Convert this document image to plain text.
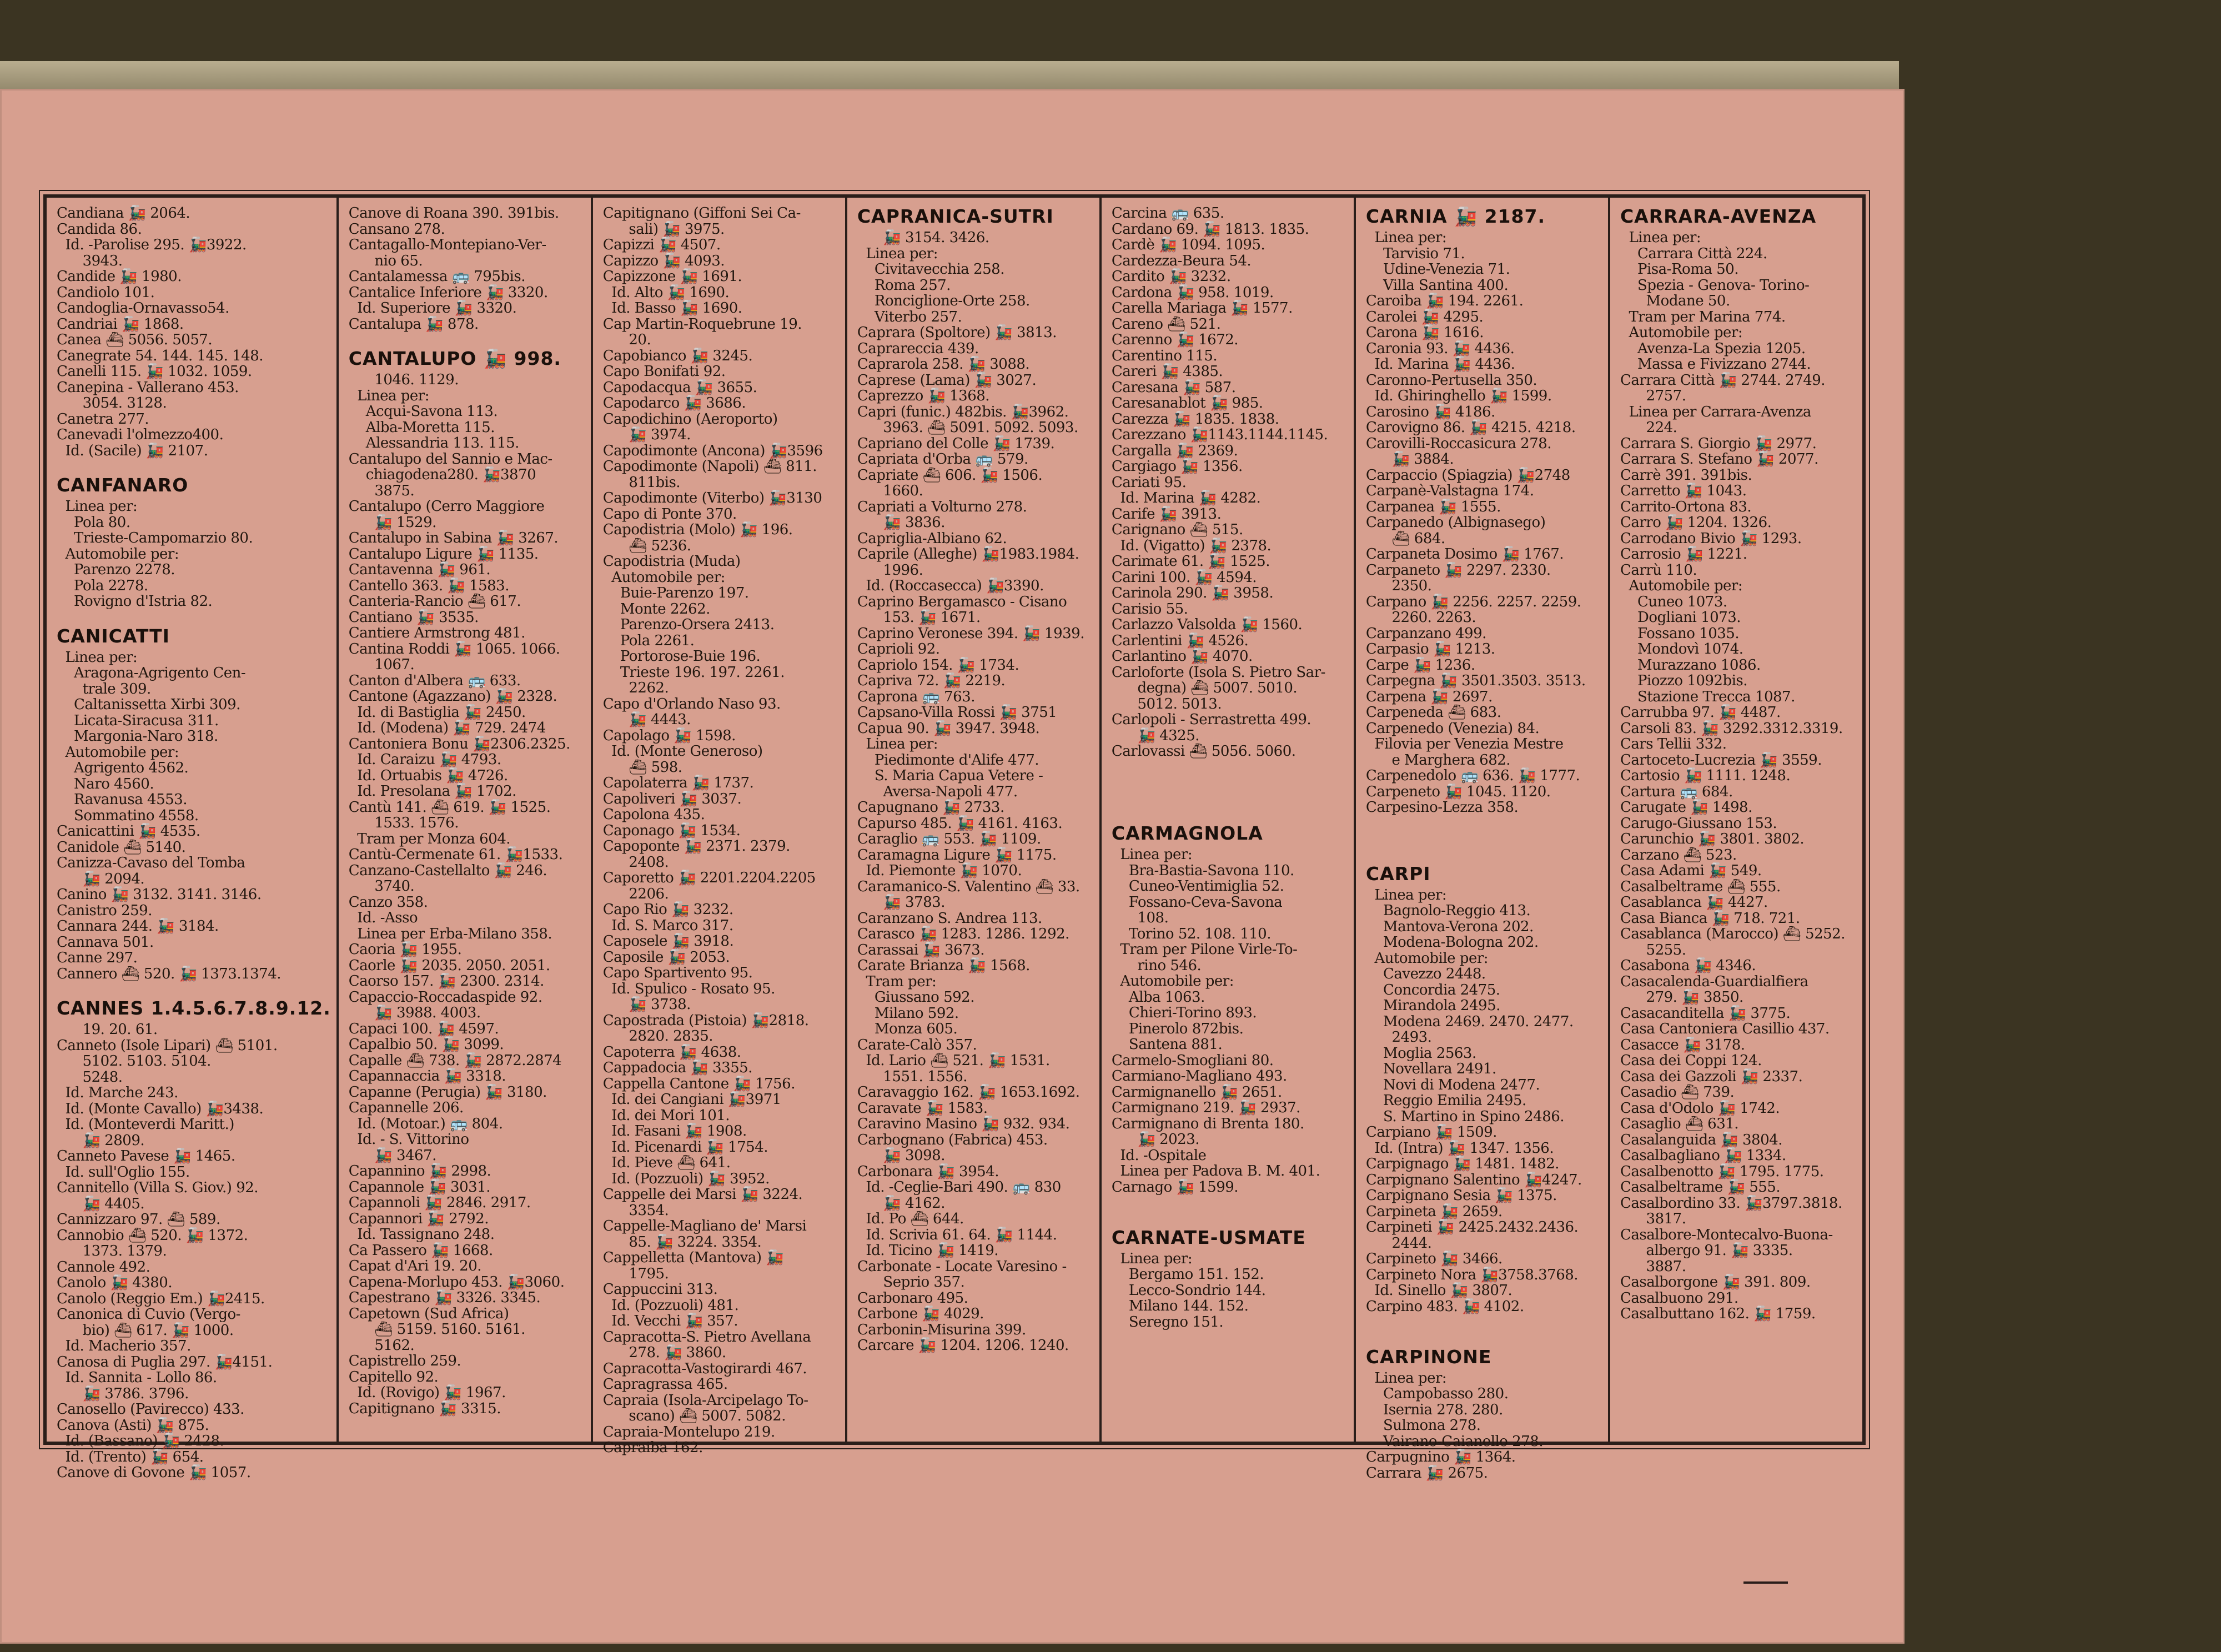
Candiana 🚂 2064.
Candida 86.
Id. -Parolise 295. 🚂3922.
3943.
Candide 🚂 1980.
Candiolo 101.
Candoglia-Ornavasso54.
Candriai 🚂 1868.
Canea ⛴ 5056. 5057.
Canegrate 54. 144. 145. 148.
Canelli 115. 🚂 1032. 1059.
Canepina - Vallerano 453.
3054. 3128.
Canetra 277.
Canevadi l'olmezzo400.
Id. (Sacile) 🚂 2107.
CANFANARO
Linea per:
Pola 80.
Trieste-Campomarzio 80.
Automobile per:
Parenzo 2278.
Pola 2278.
Rovigno d'Istria 82.
CANICATTI
Linea per:
Aragona-Agrigento Cen-
trale 309.
Caltanissetta Xirbi 309.
Licata-Siracusa 311.
Margonia-Naro 318.
Automobile per:
Agrigento 4562.
Naro 4560.
Ravanusa 4553.
Sommatino 4558.
Canicattini 🚂 4535.
Canidole ⛴ 5140.
Canizza-Cavaso del Tomba
🚂 2094.
Canino 🚂 3132. 3141. 3146.
Canistro 259.
Cannara 244. 🚂 3184.
Cannava 501.
Canne 297.
Cannero ⛴ 520. 🚂 1373.1374.
CANNES 1.4.5.6.7.8.9.12.
19. 20. 61.
Canneto (Isole Lipari) ⛴ 5101.
5102. 5103. 5104.
5248.
Id. Marche 243.
Id. (Monte Cavallo) 🚂3438.
Id. (Monteverdi Maritt.)
🚂 2809.
Canneto Pavese 🚂 1465.
Id. sull'Oglio 155.
Cannitello (Villa S. Giov.) 92.
🚂 4405.
Cannizzaro 97. ⛴ 589.
Cannobio ⛴ 520. 🚂 1372.
1373. 1379.
Cannole 492.
Canolo 🚂 4380.
Canolo (Reggio Em.) 🚂2415.
Canonica di Cuvio (Vergo-
bio) ⛴ 617. 🚂 1000.
Id. Macherio 357.
Canosa di Puglia 297. 🚂4151.
Id. Sannita - Lollo 86.
🚂 3786. 3796.
Canosello (Pavirecco) 433.
Canova (Asti) 🚂 875.
Id. (Bassano) 🚂 2428.
Id. (Trento) 🚂 654.
Canove di Govone 🚂 1057.
Canove di Roana 390. 391bis.
Cansano 278.
Cantagallo-Montepiano-Ver-
nio 65.
Cantalamessa 🚌 795bis.
Cantalice Inferiore 🚂 3320.
Id. Superiore 🚂 3320.
Cantalupa 🚂 878.
CANTALUPO 🚂 998.
1046. 1129.
Linea per:
Acqui-Savona 113.
Alba-Moretta 115.
Alessandria 113. 115.
Cantalupo del Sannio e Mac-
chiagodena280. 🚂3870
3875.
Cantalupo (Cerro Maggiore
🚂 1529.
Cantalupo in Sabina 🚂 3267.
Cantalupo Ligure 🚂 1135.
Cantavenna 🚂 961.
Cantello 363. 🚂 1583.
Canteria-Rancio ⛴ 617.
Cantiano 🚂 3535.
Cantiere Armstrong 481.
Cantina Roddi 🚂 1065. 1066.
1067.
Canton d'Albera 🚌 633.
Cantone (Agazzano) 🚂 2328.
Id. di Bastiglia 🚂 2450.
Id. (Modena) 🚂 729. 2474
Cantoniera Bonu 🚂2306.2325.
Id. Caraizu 🚂 4793.
Id. Ortuabis 🚂 4726.
Id. Presolana 🚂 1702.
Cantù 141. ⛴ 619. 🚂 1525.
1533. 1576.
Tram per Monza 604.
Cantù-Cermenate 61. 🚂1533.
Canzano-Castellalto 🚂 246.
3740.
Canzo 358.
Id. -Asso
Linea per Erba-Milano 358.
Caoria 🚂 1955.
Caorle 🚂 2035. 2050. 2051.
Caorso 157. 🚂 2300. 2314.
Capaccio-Roccadaspide 92.
🚂 3988. 4003.
Capaci 100. 🚂 4597.
Capalbio 50. 🚂 3099.
Capalle ⛴ 738. 🚂 2872.2874
Capannaccia 🚂 3318.
Capanne (Perugia) 🚂 3180.
Capannelle 206.
Id. (Motoar.) 🚌 804.
Id. - S. Vittorino
🚂 3467.
Capannino 🚂 2998.
Capannole 🚂 3031.
Capannoli 🚂 2846. 2917.
Capannori 🚂 2792.
Id. Tassignano 248.
Ca Passero 🚂 1668.
Capat d'Ari 19. 20.
Capena-Morlupo 453. 🚂3060.
Capestrano 🚂 3326. 3345.
Capetown (Sud Africa)
⛴ 5159. 5160. 5161.
5162.
Capistrello 259.
Capitello 92.
Id. (Rovigo) 🚂 1967.
Capitignano 🚂 3315.
Capitignano (Giffoni Sei Ca-
sali) 🚂 3975.
Capizzi 🚂 4507.
Capizzo 🚂 4093.
Capizzone 🚂 1691.
Id. Alto 🚂 1690.
Id. Basso 🚂 1690.
Cap Martin-Roquebrune 19.
20.
Capobianco 🚂 3245.
Capo Bonifati 92.
Capodacqua 🚂 3655.
Capodarco 🚂 3686.
Capodichino (Aeroporto)
🚂 3974.
Capodimonte (Ancona) 🚂3596
Capodimonte (Napoli) ⛴ 811.
811bis.
Capodimonte (Viterbo) 🚂3130
Capo di Ponte 370.
Capodistria (Molo) 🚂 196.
⛴ 5236.
Capodistria (Muda)
Automobile per:
Buie-Parenzo 197.
Monte 2262.
Parenzo-Orsera 2413.
Pola 2261.
Portorose-Buie 196.
Trieste 196. 197. 2261.
2262.
Capo d'Orlando Naso 93.
🚂 4443.
Capolago 🚂 1598.
Id. (Monte Generoso)
⛴ 598.
Capolaterra 🚂 1737.
Capoliveri 🚂 3037.
Capolona 435.
Caponago 🚂 1534.
Capoponte 🚂 2371. 2379.
2408.
Caporetto 🚂 2201.2204.2205
2206.
Capo Rio 🚂 3232.
Id. S. Marco 317.
Caposele 🚂 3918.
Caposile 🚂 2053.
Capo Spartivento 95.
Id. Spulico - Rosato 95.
🚂 3738.
Capostrada (Pistoia) 🚂2818.
2820. 2835.
Capoterra 🚂 4638.
Cappadocia 🚂 3355.
Cappella Cantone 🚂 1756.
Id. dei Cangiani 🚂3971
Id. dei Mori 101.
Id. Fasani 🚂 1908.
Id. Picenardi 🚂 1754.
Id. Pieve ⛴ 641.
Id. (Pozzuoli) 🚂 3952.
Cappelle dei Marsi 🚂 3224.
3354.
Cappelle-Magliano de' Marsi
85. 🚂 3224. 3354.
Cappelletta (Mantova) 🚂
1795.
Cappuccini 313.
Id. (Pozzuoli) 481.
Id. Vecchi 🚂 357.
Capracotta-S. Pietro Avellana
278. 🚂 3860.
Capracotta-Vastogirardi 467.
Capragrassa 465.
Capraia (Isola-Arcipelago To-
scano) ⛴ 5007. 5082.
Capraia-Montelupo 219.
Capraiba 162.
CAPRANICA-SUTRI
🚂 3154. 3426.
Linea per:
Civitavecchia 258.
Roma 257.
Ronciglione-Orte 258.
Viterbo 257.
Caprara (Spoltore) 🚂 3813.
Caprareccia 439.
Caprarola 258. 🚂 3088.
Caprese (Lama) 🚂 3027.
Caprezzo 🚂 1368.
Capri (funic.) 482bis. 🚂3962.
3963. ⛴ 5091. 5092. 5093.
Capriano del Colle 🚂 1739.
Capriata d'Orba 🚌 579.
Capriate ⛴ 606. 🚂 1506.
1660.
Capriati a Volturno 278.
🚂 3836.
Capriglia-Albiano 62.
Caprile (Alleghe) 🚂1983.1984.
1996.
Id. (Roccasecca) 🚂3390.
Caprino Bergamasco - Cisano
153. 🚂 1671.
Caprino Veronese 394. 🚂 1939.
Caprioli 92.
Capriolo 154. 🚂 1734.
Capriva 72. 🚂 2219.
Caprona 🚌 763.
Capsano-Villa Rossi 🚂 3751
Capua 90. 🚂 3947. 3948.
Linea per:
Piedimonte d'Alife 477.
S. Maria Capua Vetere -
Aversa-Napoli 477.
Capugnano 🚂 2733.
Capurso 485. 🚂 4161. 4163.
Caraglio 🚌 553. 🚂 1109.
Caramagna Ligure 🚂 1175.
Id. Piemonte 🚂 1070.
Caramanico-S. Valentino ⛴ 33.
🚂 3783.
Caranzano S. Andrea 113.
Carasco 🚂 1283. 1286. 1292.
Carassai 🚂 3673.
Carate Brianza 🚂 1568.
Tram per:
Giussano 592.
Milano 592.
Monza 605.
Carate-Calò 357.
Id. Lario ⛴ 521. 🚂 1531.
1551. 1556.
Caravaggio 162. 🚂 1653.1692.
Caravate 🚂 1583.
Caravino Masino 🚂 932. 934.
Carbognano (Fabrica) 453.
🚂 3098.
Carbonara 🚂 3954.
Id. -Ceglie-Bari 490. 🚌 830
🚂 4162.
Id. Po ⛴ 644.
Id. Scrivia 61. 64. 🚂 1144.
Id. Ticino 🚂 1419.
Carbonate - Locate Varesino -
Seprio 357.
Carbonaro 495.
Carbone 🚂 4029.
Carbonin-Misurina 399.
Carcare 🚂 1204. 1206. 1240.
Carcina 🚌 635.
Cardano 69. 🚂 1813. 1835.
Cardè 🚂 1094. 1095.
Cardezza-Beura 54.
Cardito 🚂 3232.
Cardona 🚂 958. 1019.
Carella Mariaga 🚂 1577.
Careno ⛴ 521.
Carenno 🚂 1672.
Carentino 115.
Careri 🚂 4385.
Caresana 🚂 587.
Caresanablot 🚂 985.
Carezza 🚂 1835. 1838.
Carezzano 🚂1143.1144.1145.
Cargalla 🚂 2369.
Cargiago 🚂 1356.
Cariati 95.
Id. Marina 🚂 4282.
Carife 🚂 3913.
Carignano ⛴ 515.
Id. (Vigatto) 🚂 2378.
Carimate 61. 🚂 1525.
Carini 100. 🚂 4594.
Carinola 290. 🚂 3958.
Carisio 55.
Carlazzo Valsolda 🚂 1560.
Carlentini 🚂 4526.
Carlantino 🚂 4070.
Carloforte (Isola S. Pietro Sar-
degna) ⛴ 5007. 5010.
5012. 5013.
Carlopoli - Serrastretta 499.
🚂 4325.
Carlovassi ⛴ 5056. 5060.

CARMAGNOLA
Linea per:
Bra-Bastia-Savona 110.
Cuneo-Ventimiglia 52.
Fossano-Ceva-Savona
108.
Torino 52. 108. 110.
Tram per Pilone Virle-To-
rino 546.
Automobile per:
Alba 1063.
Chieri-Torino 893.
Pinerolo 872bis.
Santena 881.
Carmelo-Smogliani 80.
Carmiano-Magliano 493.
Carmignanello 🚂 2651.
Carmignano 219. 🚂 2937.
Carmignano di Brenta 180.
🚂 2023.
Id. -Ospitale
Linea per Padova B. M. 401.
Carnago 🚂 1599.

CARNATE-USMATE
Linea per:
Bergamo 151. 152.
Lecco-Sondrio 144.
Milano 144. 152.
Seregno 151.
CARNIA 🚂 2187.
Linea per:
Tarvisio 71.
Udine-Venezia 71.
Villa Santina 400.
Caroiba 🚂 194. 2261.
Carolei 🚂 4295.
Carona 🚂 1616.
Caronia 93. 🚂 4436.
Id. Marina 🚂 4436.
Caronno-Pertusella 350.
Id. Ghiringhello 🚂 1599.
Carosino 🚂 4186.
Carovigno 86. 🚂 4215. 4218.
Carovilli-Roccasicura 278.
🚂 3884.
Carpaccio (Spiagzia) 🚂2748
Carpanè-Valstagna 174.
Carpanea 🚂 1555.
Carpanedo (Albignasego)
⛴ 684.
Carpaneta Dosimo 🚂 1767.
Carpaneto 🚂 2297. 2330.
2350.
Carpano 🚂 2256. 2257. 2259.
2260. 2263.
Carpanzano 499.
Carpasio 🚂 1213.
Carpe 🚂 1236.
Carpegna 🚂 3501.3503. 3513.
Carpena 🚂 2697.
Carpeneda ⛴ 683.
Carpenedo (Venezia) 84.
Filovia per Venezia Mestre
e Marghera 682.
Carpenedolo 🚌 636. 🚂 1777.
Carpeneto 🚂 1045. 1120.
Carpesino-Lezza 358.

CARPI
Linea per:
Bagnolo-Reggio 413.
Mantova-Verona 202.
Modena-Bologna 202.
Automobile per:
Cavezzo 2448.
Concordia 2475.
Mirandola 2495.
Modena 2469. 2470. 2477.
2493.
Moglia 2563.
Novellara 2491.
Novi di Modena 2477.
Reggio Emilia 2495.
S. Martino in Spino 2486.
Carpiano 🚂 1509.
Id. (Intra) 🚂 1347. 1356.
Carpignago 🚂 1481. 1482.
Carpignano Salentino 🚂4247.
Carpignano Sesia 🚂 1375.
Carpineta 🚂 2659.
Carpineti 🚂 2425.2432.2436.
2444.
Carpineto 🚂 3466.
Carpineto Nora 🚂3758.3768.
Id. Sinello 🚂 3807.
Carpino 483. 🚂 4102.

CARPINONE
Linea per:
Campobasso 280.
Isernia 278. 280.
Sulmona 278.
Vairano-Caianello 278.
Carpugnino 🚂 1364.
Carrara 🚂 2675.
CARRARA-AVENZA
Linea per:
Carrara Città 224.
Pisa-Roma 50.
Spezia - Genova- Torino-
Modane 50.
Tram per Marina 774.
Automobile per:
Avenza-La Spezia 1205.
Massa e Fivizzano 2744.
Carrara Città 🚂 2744. 2749.
2757.
Linea per Carrara-Avenza
224.
Carrara S. Giorgio 🚂 2977.
Carrara S. Stefano 🚂 2077.
Carrè 391. 391bis.
Carretto 🚂 1043.
Carrito-Ortona 83.
Carro 🚂 1204. 1326.
Carrodano Bivio 🚂 1293.
Carrosio 🚂 1221.
Carrù 110.
Automobile per:
Cuneo 1073.
Dogliani 1073.
Fossano 1035.
Mondovì 1074.
Murazzano 1086.
Piozzo 1092bis.
Stazione Trecca 1087.
Carrubba 97. 🚂 4487.
Carsoli 83. 🚂 3292.3312.3319.
Cars Tellii 332.
Cartoceto-Lucrezia 🚂 3559.
Cartosio 🚂 1111. 1248.
Cartura 🚌 684.
Carugate 🚂 1498.
Carugo-Giussano 153.
Carunchio 🚂 3801. 3802.
Carzano ⛴ 523.
Casa Adami 🚂 549.
Casalbeltrame ⛴ 555.
Casablanca 🚂 4427.
Casa Bianca 🚂 718. 721.
Casablanca (Marocco) ⛴ 5252.
5255.
Casabona 🚂 4346.
Casacalenda-Guardialfiera
279. 🚂 3850.
Casacanditella 🚂 3775.
Casa Cantoniera Casillio 437.
Casacce 🚂 3178.
Casa dei Coppi 124.
Casa dei Gazzoli 🚂 2337.
Casadio ⛴ 739.
Casa d'Odolo 🚂 1742.
Casaglio ⛴ 631.
Casalanguida 🚂 3804.
Casalbagliano 🚂 1334.
Casalbenotto 🚂 1795. 1775.
Casalbeltrame 🚂 555.
Casalbordino 33. 🚂3797.3818.
3817.
Casalbore-Montecalvo-Buona-
albergo 91. 🚂 3335.
3887.
Casalborgone 🚂 391. 809.
Casalbuono 291.
Casalbuttano 162. 🚂 1759.
